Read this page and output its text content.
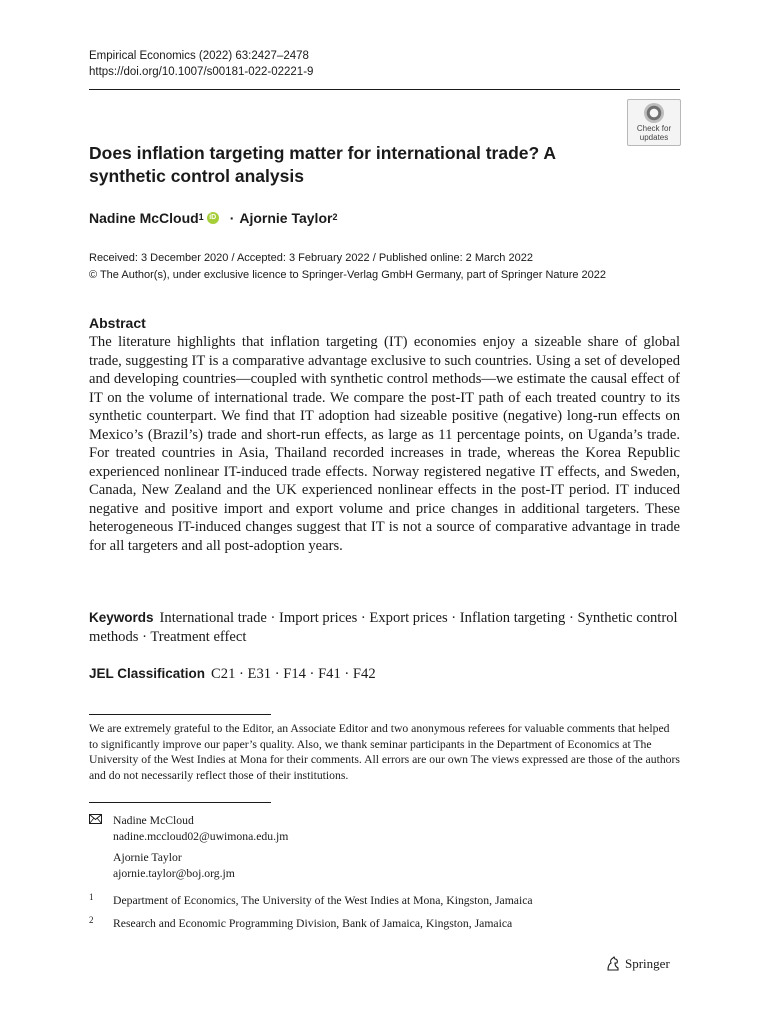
Empirical Economics (2022) 63:2427–2478
https://doi.org/10.1007/s00181-022-02221-9
Check for
updates
Does inflation targeting matter for international trade? A synthetic control analysis
Nadine McCloud$^1$ iD · Ajornie Taylor$^2$
Received: 3 December 2020 / Accepted: 3 February 2022 / Published online: 2 March 2022
© The Author(s), under exclusive licence to Springer-Verlag GmbH Germany, part of Springer Nature 2022
Abstract
The literature highlights that inflation targeting (IT) economies enjoy a sizeable share of global trade, suggesting IT is a comparative advantage exclusive to such countries. Using a set of developed and developing countries—coupled with synthetic control methods—we estimate the causal effect of IT on the volume of international trade. We compare the post-IT path of each treated country to its synthetic counterpart. We find that IT adoption had sizeable positive (negative) long-run effects on Mexico’s (Brazil’s) trade and short-run effects, as large as 11 percentage points, on Uganda’s trade. For treated countries in Asia, Thailand recorded increases in trade, whereas the Korea Republic experienced nonlinear IT-induced trade effects. Norway registered negative IT effects, and Sweden, Canada, New Zealand and the UK experienced nonlinear effects in the post-IT period. IT induced negative and positive import and export volume and price changes in additional targeters. These heterogeneous IT-induced changes suggest that IT is not a source of comparative advantage in trade for all targeters and all post-adoption years.
Keywords International trade · Import prices · Export prices · Inflation targeting · Synthetic control methods · Treatment effect
JEL Classification C21 · E31 · F14 · F41 · F42
We are extremely grateful to the Editor, an Associate Editor and two anonymous referees for valuable comments that helped to significantly improve our paper’s quality. Also, we thank seminar participants in the Department of Economics at The University of the West Indies at Mona for their comments. All errors are our own The views expressed are those of the authors and do not necessarily reflect those of their institutions.
Nadine McCloud
nadine.mccloud02@uwimona.edu.jm
Ajornie Taylor
ajornie.taylor@boj.org.jm
1	Department of Economics, The University of the West Indies at Mona, Kingston, Jamaica
2	Research and Economic Programming Division, Bank of Jamaica, Kingston, Jamaica
Springer
